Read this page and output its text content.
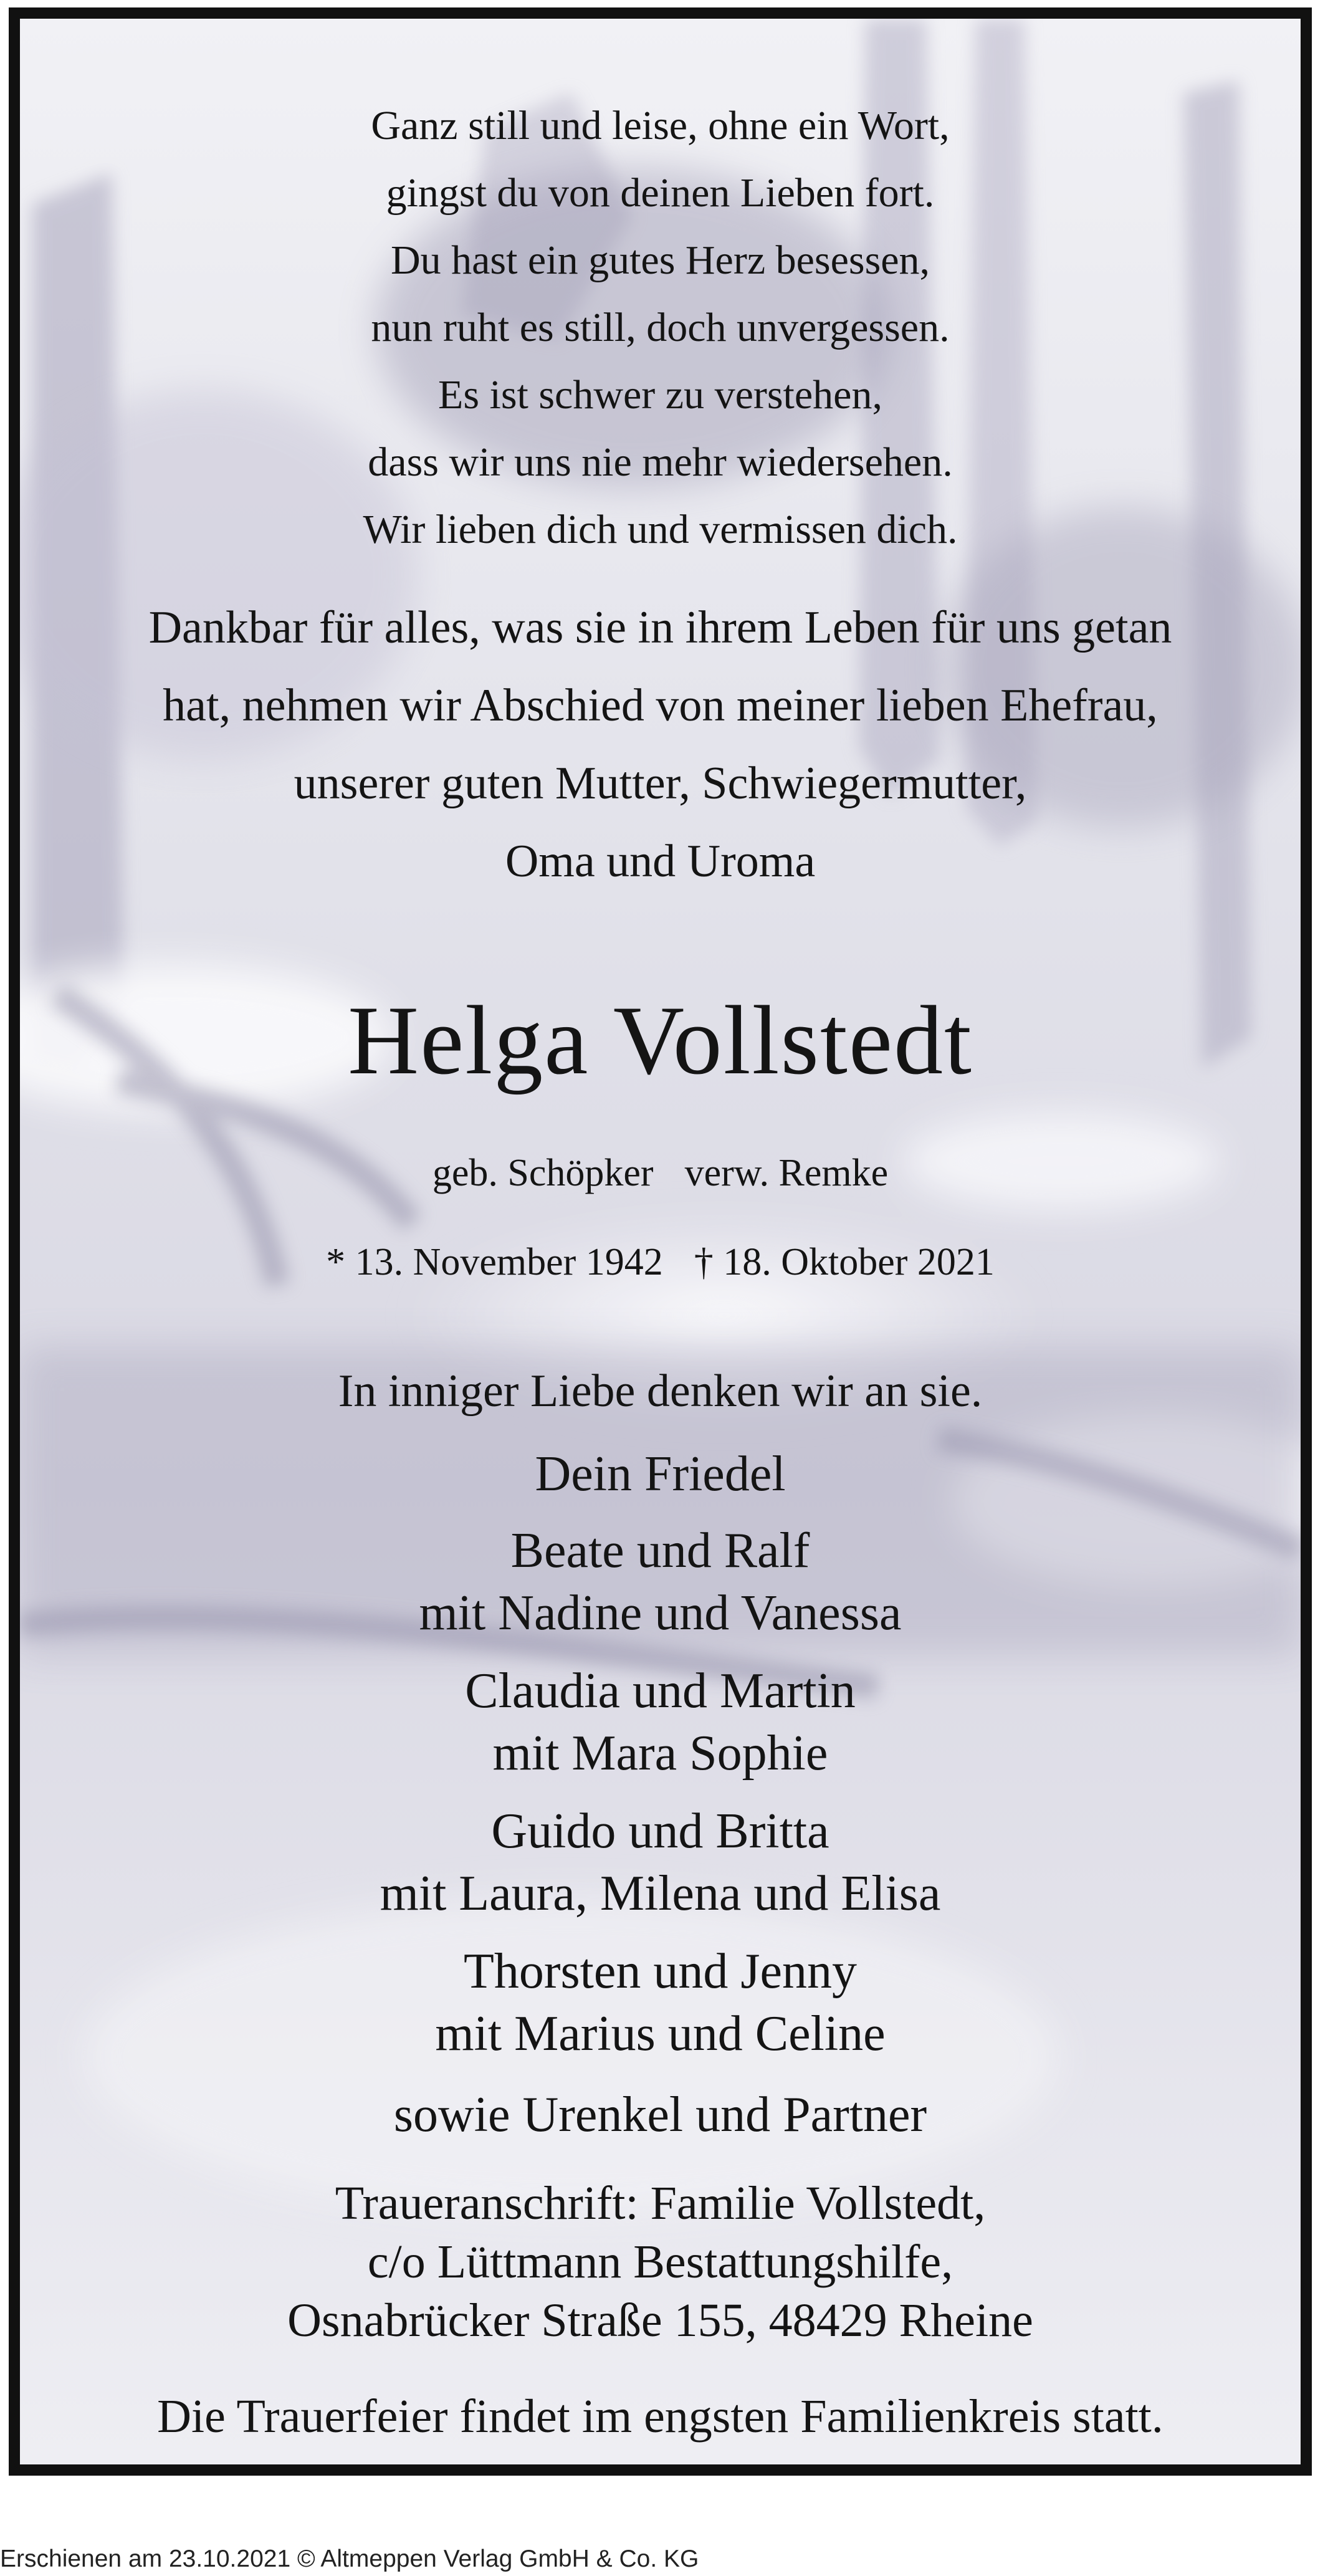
Ganz still und leise, ohne ein Wort,
gingst du von deinen Lieben fort.
Du hast ein gutes Herz besessen,
nun ruht es still, doch unvergessen.
Es ist schwer zu verstehen,
dass wir uns nie mehr wiedersehen.
Wir lieben dich und vermissen dich.
Dankbar für alles, was sie in ihrem Leben für uns getan
hat, nehmen wir Abschied von meiner lieben Ehefrau,
unserer guten Mutter, Schwiegermutter,
Oma und Uroma
Helga Vollstedt
geb. Schöpker verw. Remke
* 13. November 1942 † 18. Oktober 2021
In inniger Liebe denken wir an sie.
Dein Friedel
Beate und Ralf
mit Nadine und Vanessa
Claudia und Martin
mit Mara Sophie
Guido und Britta
mit Laura, Milena und Elisa
Thorsten und Jenny
mit Marius und Celine
sowie Urenkel und Partner
Traueranschrift: Familie Vollstedt,
c/o Lüttmann Bestattungshilfe,
Osnabrücker Straße 155, 48429 Rheine
Die Trauerfeier findet im engsten Familienkreis statt.
Erschienen am 23.10.2021 © Altmeppen Verlag GmbH & Co. KG
